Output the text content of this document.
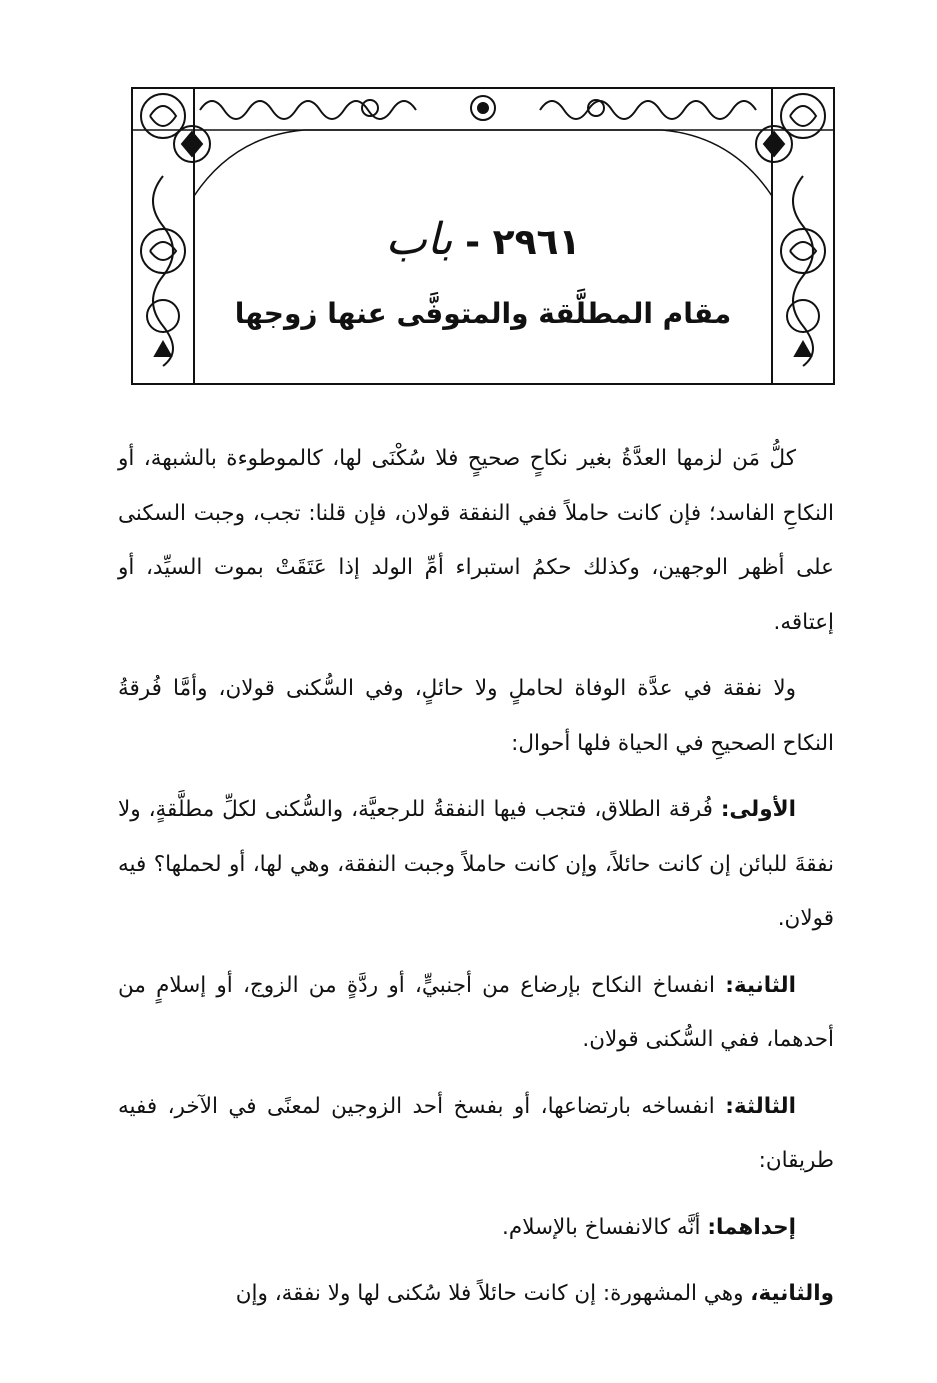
٢٩٦١ - باب
مقام المطلَّقة والمتوفَّى عنها زوجها

كلُّ مَن لزمها العدَّةُ بغير نكاحٍ صحيحٍ فلا سُكْنَى لها، كالموطوءة بالشبهة، أو النكاحِ الفاسد؛ فإن كانت حاملاً ففي النفقة قولان، فإن قلنا: تجب، وجبت السكنى على أظهر الوجهين، وكذلك حكمُ استبراء أمِّ الولد إذا عَتَقَتْ بموت السيِّد، أو إعتاقه.

ولا نفقة في عدَّة الوفاة لحاملٍ ولا حائلٍ، وفي السُّكنى قولان، وأمَّا فُرقةُ النكاح الصحيحِ في الحياة فلها أحوال:

الأولى: فُرقة الطلاق، فتجب فيها النفقةُ للرجعيَّة، والسُّكنى لكلِّ مطلَّقةٍ، ولا نفقةَ للبائن إن كانت حائلاً، وإن كانت حاملاً وجبت النفقة، وهي لها، أو لحملها؟ فيه قولان.

الثانية: انفساخ النكاح بإرضاع من أجنبيٍّ، أو ردَّةٍ من الزوج، أو إسلامٍ من أحدهما، ففي السُّكنى قولان.

الثالثة: انفساخه بارتضاعها، أو بفسخ أحد الزوجين لمعنًى في الآخر، ففيه طريقان:

إحداهما: أنَّه كالانفساخ بالإسلام.

والثانية، وهي المشهورة: إن كانت حائلاً فلا سُكنى لها ولا نفقة، وإن
